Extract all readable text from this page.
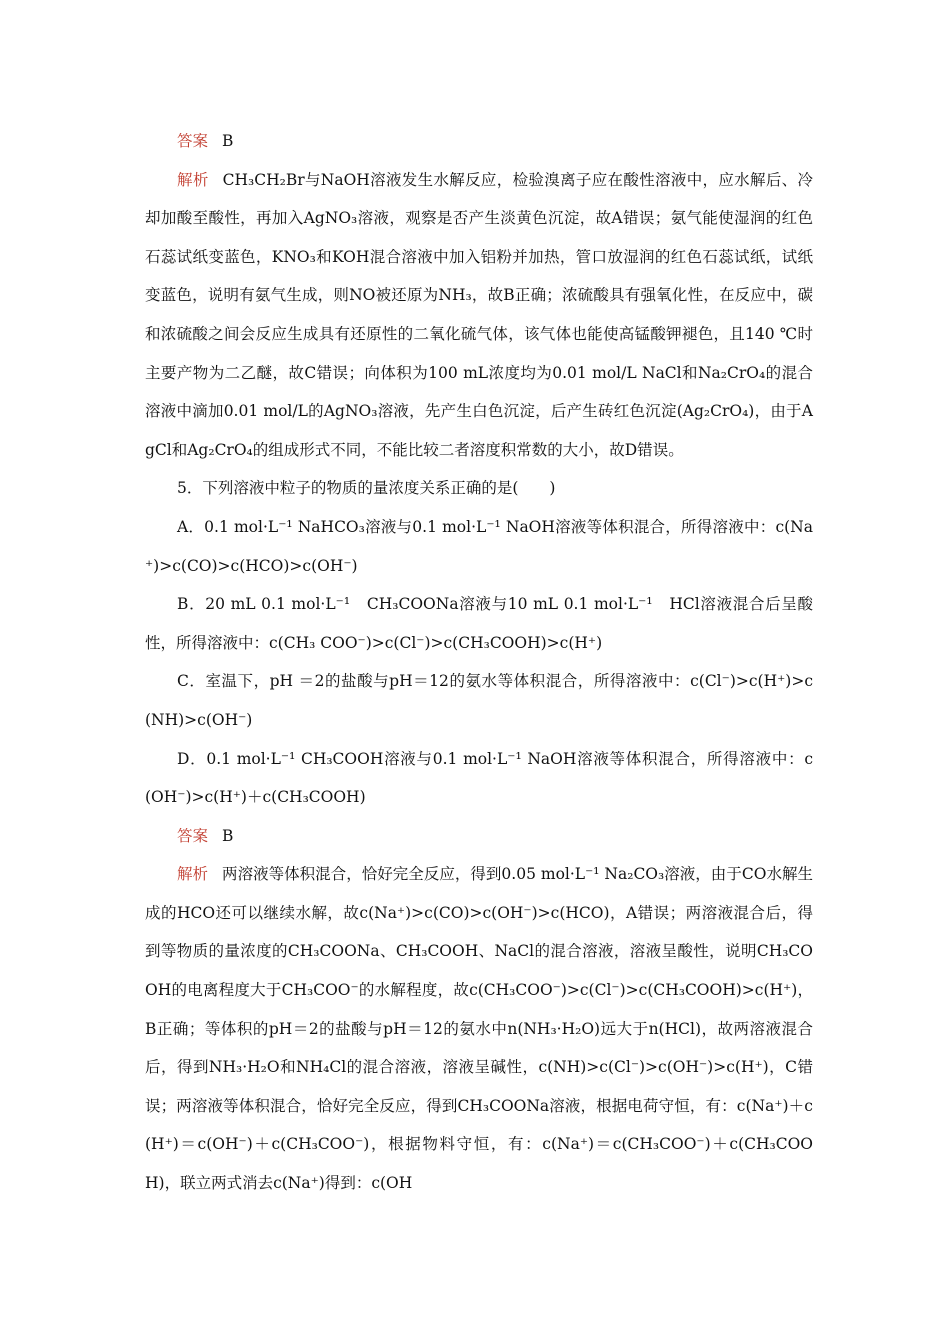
答案 B

解析 CH₃CH₂Br与NaOH溶液发生水解反应，检验溴离子应在酸性溶液中，应水解后、冷却加酸至酸性，再加入AgNO₃溶液，观察是否产生淡黄色沉淀，故A错误；氨气能使湿润的红色石蕊试纸变蓝色，KNO₃和KOH混合溶液中加入铝粉并加热，管口放湿润的红色石蕊试纸，试纸变蓝色，说明有氨气生成，则NO被还原为NH₃，故B正确；浓硫酸具有强氧化性，在反应中，碳和浓硫酸之间会反应生成具有还原性的二氧化硫气体，该气体也能使高锰酸钾褪色，且140 ℃时主要产物为二乙醚，故C错误；向体积为100 mL浓度均为0.01 mol/L NaCl和Na₂CrO₄的混合溶液中滴加0.01 mol/L的AgNO₃溶液，先产生白色沉淀，后产生砖红色沉淀(Ag₂CrO₄)，由于AgCl和Ag₂CrO₄的组成形式不同，不能比较二者溶度积常数的大小，故D错误。

5．下列溶液中粒子的物质的量浓度关系正确的是(　　)

A．0.1 mol·L⁻¹ NaHCO₃溶液与0.1 mol·L⁻¹ NaOH溶液等体积混合，所得溶液中：c(Na⁺)>c(CO)>c(HCO)>c(OH⁻)

B．20 mL 0.1 mol·L⁻¹　CH₃COONa溶液与10 mL 0.1 mol·L⁻¹　HCl溶液混合后呈酸性，所得溶液中：c(CH₃ COO⁻)>c(Cl⁻)>c(CH₃COOH)>c(H⁺)

C．室温下，pH ＝2的盐酸与pH＝12的氨水等体积混合，所得溶液中：c(Cl⁻)>c(H⁺)>c(NH)>c(OH⁻)

D．0.1 mol·L⁻¹ CH₃COOH溶液与0.1 mol·L⁻¹ NaOH溶液等体积混合，所得溶液中：c(OH⁻)>c(H⁺)＋c(CH₃COOH)

答案 B

解析 两溶液等体积混合，恰好完全反应，得到0.05 mol·L⁻¹ Na₂CO₃溶液，由于CO水解生成的HCO还可以继续水解，故c(Na⁺)>c(CO)>c(OH⁻)>c(HCO)，A错误；两溶液混合后，得到等物质的量浓度的CH₃COONa、CH₃COOH、NaCl的混合溶液，溶液呈酸性，说明CH₃COOH的电离程度大于CH₃COO⁻的水解程度，故c(CH₃COO⁻)>c(Cl⁻)>c(CH₃COOH)>c(H⁺)，B正确；等体积的pH＝2的盐酸与pH＝12的氨水中n(NH₃·H₂O)远大于n(HCl)，故两溶液混合后，得到NH₃·H₂O和NH₄Cl的混合溶液，溶液呈碱性，c(NH)>c(Cl⁻)>c(OH⁻)>c(H⁺)，C错误；两溶液等体积混合，恰好完全反应，得到CH₃COONa溶液，根据电荷守恒，有：c(Na⁺)＋c(H⁺)＝c(OH⁻)＋c(CH₃COO⁻)，根据物料守恒，有：c(Na⁺)＝c(CH₃COO⁻)＋c(CH₃COOH)，联立两式消去c(Na⁺)得到：c(OH
